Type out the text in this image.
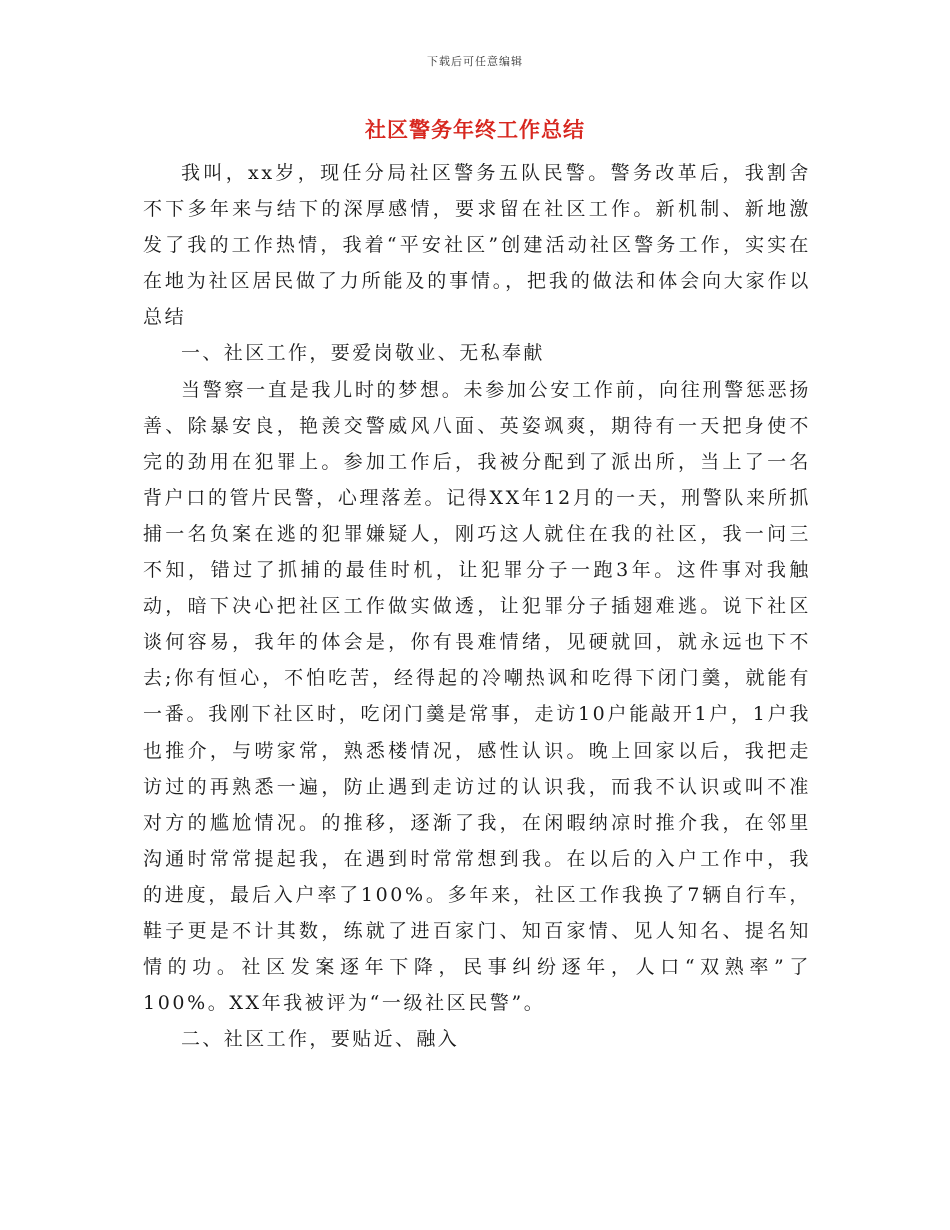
下载后可任意编辑
社区警务年终工作总结

我叫，xx岁，现任分局社区警务五队民警。警务改革后，我割舍不下多年来与结下的深厚感情，要求留在社区工作。新机制、新地激发了我的工作热情，我着“平安社区”创建活动社区警务工作，实实在在地为社区居民做了力所能及的事情。，把我的做法和体会向大家作以总结

一、社区工作，要爱岗敬业、无私奉献

当警察一直是我儿时的梦想。未参加公安工作前，向往刑警惩恶扬善、除暴安良，艳羡交警威风八面、英姿飒爽，期待有一天把身使不完的劲用在犯罪上。参加工作后，我被分配到了派出所，当上了一名背户口的管片民警，心理落差。记得XX年12月的一天，刑警队来所抓捕一名负案在逃的犯罪嫌疑人，刚巧这人就住在我的社区，我一问三不知，错过了抓捕的最佳时机，让犯罪分子一跑3年。这件事对我触动，暗下决心把社区工作做实做透，让犯罪分子插翅难逃。说下社区谈何容易，我年的体会是，你有畏难情绪，见硬就回，就永远也下不去;你有恒心，不怕吃苦，经得起的冷嘲热讽和吃得下闭门羹，就能有一番。我刚下社区时，吃闭门羹是常事，走访10户能敲开1户，1户我也推介，与唠家常，熟悉楼情况，感性认识。晚上回家以后，我把走访过的再熟悉一遍，防止遇到走访过的认识我，而我不认识或叫不准对方的尴尬情况。的推移，逐渐了我，在闲暇纳凉时推介我，在邻里沟通时常常提起我，在遇到时常常想到我。在以后的入户工作中，我的进度，最后入户率了100%。多年来，社区工作我换了7辆自行车，鞋子更是不计其数，练就了进百家门、知百家情、见人知名、提名知情的功。社区发案逐年下降，民事纠纷逐年，人口“双熟率”了100%。XX年我被评为“一级社区民警”。

二、社区工作，要贴近、融入
